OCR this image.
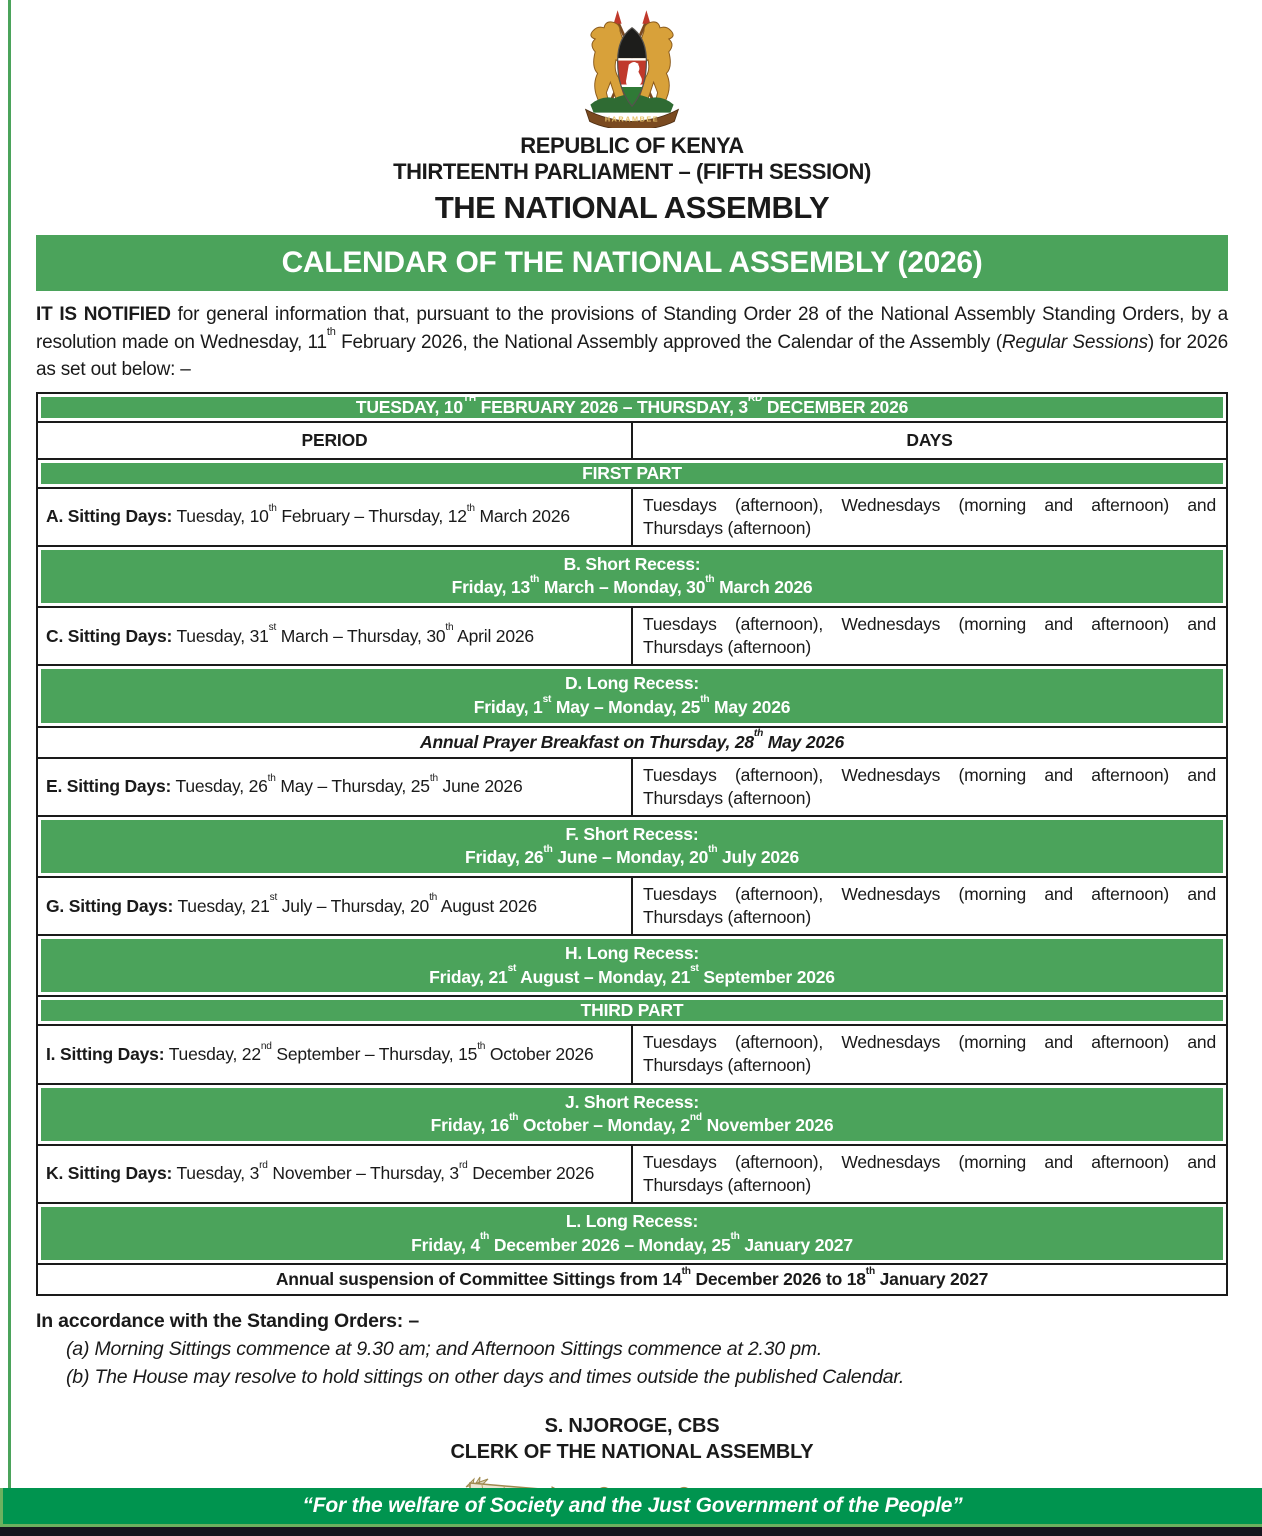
HARAMBEE
REPUBLIC OF KENYA
THIRTEENTH PARLIAMENT – (FIFTH SESSION)
THE NATIONAL ASSEMBLY
CALENDAR OF THE NATIONAL ASSEMBLY (2026)

IT IS NOTIFIED for general information that, pursuant to the provisions of Standing Order 28 of the National Assembly Standing Orders, by a resolution made on Wednesday, 11th February 2026, the National Assembly approved the Calendar of the Assembly (Regular Sessions) for 2026 as set out below: –

TUESDAY, 10TH FEBRUARY 2026 – THURSDAY, 3RD DECEMBER 2026	
PERIOD	DAYS
FIRST PART	
A. Sitting Days: Tuesday, 10th February – Thursday, 12th March 2026	Tuesdays (afternoon), Wednesdays (morning and afternoon) and Thursdays (afternoon)
B. Short Recess:
Friday, 13th March – Monday, 30th March 2026	
C. Sitting Days: Tuesday, 31st March – Thursday, 30th April 2026	Tuesdays (afternoon), Wednesdays (morning and afternoon) and Thursdays (afternoon)
D. Long Recess:
Friday, 1st May – Monday, 25th May 2026	
Annual Prayer Breakfast on Thursday, 28th May 2026	
E. Sitting Days: Tuesday, 26th May – Thursday, 25th June 2026	Tuesdays (afternoon), Wednesdays (morning and afternoon) and Thursdays (afternoon)
F. Short Recess:
Friday, 26th June – Monday, 20th July 2026	
G. Sitting Days: Tuesday, 21st July – Thursday, 20th August 2026	Tuesdays (afternoon), Wednesdays (morning and afternoon) and Thursdays (afternoon)
H. Long Recess:
Friday, 21st August – Monday, 21st September 2026	
THIRD PART	
I. Sitting Days: Tuesday, 22nd September – Thursday, 15th October 2026	Tuesdays (afternoon), Wednesdays (morning and afternoon) and Thursdays (afternoon)
J. Short Recess:
Friday, 16th October – Monday, 2nd November 2026	
K. Sitting Days: Tuesday, 3rd November – Thursday, 3rd December 2026	Tuesdays (afternoon), Wednesdays (morning and afternoon) and Thursdays (afternoon)
L. Long Recess:
Friday, 4th December 2026 – Monday, 25th January 2027	
Annual suspension of Committee Sittings from 14th December 2026 to 18th January 2027	
In accordance with the Standing Orders: –
(a) Morning Sittings commence at 9.30 am; and Afternoon Sittings commence at 2.30 pm.
(b) The House may resolve to hold sittings on other days and times outside the published Calendar.
S. NJOROGE, CBS
CLERK OF THE NATIONAL ASSEMBLY
“For the welfare of Society and the Just Government of the People”
